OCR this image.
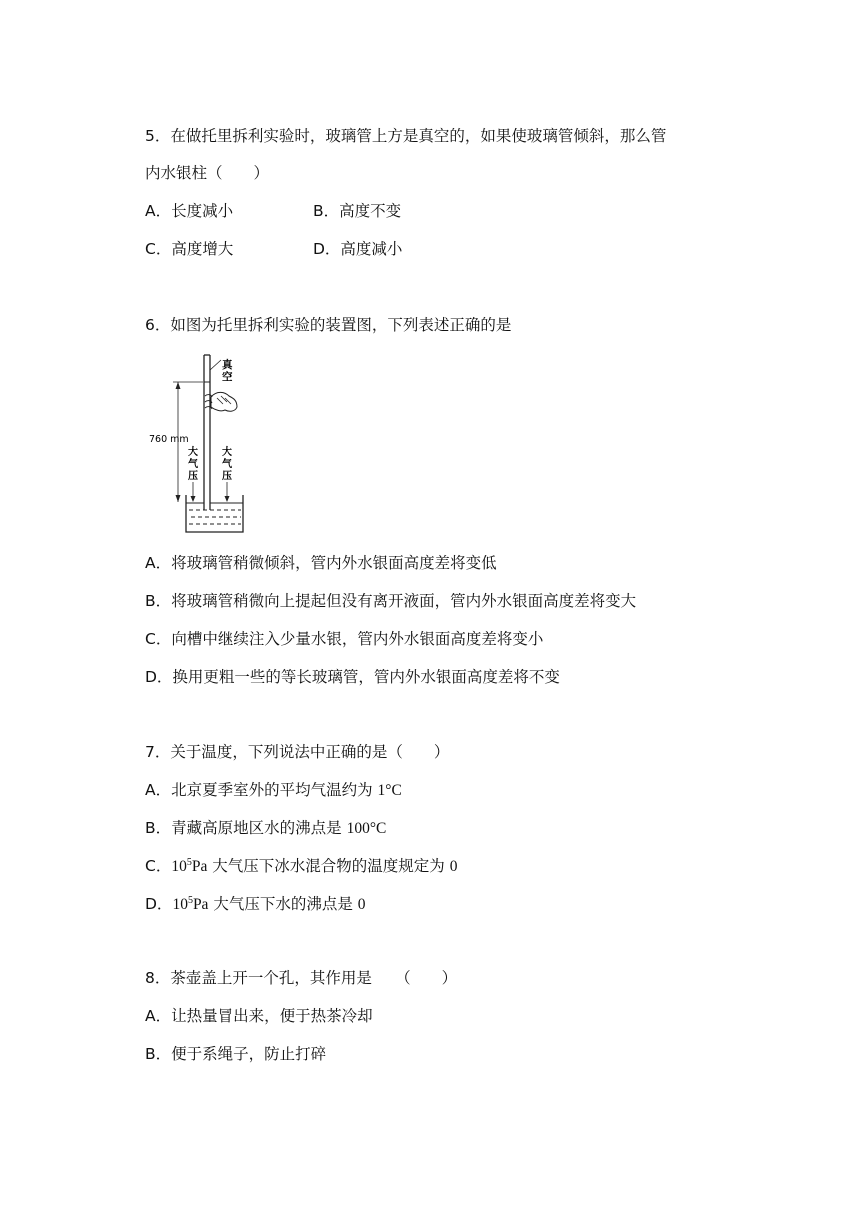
5．在做托里拆利实验时，玻璃管上方是真空的，如果使玻璃管倾斜，那么管
内水银柱（　　）
A．长度减小	B．高度不变
C．高度增大	D．高度减小
6．如图为托里拆利实验的装置图，下列表述正确的是
真
空
760 mm
大
气
压
大
气
压
A．将玻璃管稍微倾斜，管内外水银面高度差将变低
B．将玻璃管稍微向上提起但没有离开液面，管内外水银面高度差将变大
C．向槽中继续注入少量水银，管内外水银面高度差将变小
D．换用更粗一些的等长玻璃管，管内外水银面高度差将不变
7．关于温度，下列说法中正确的是（　　）
A．北京夏季室外的平均气温约为 1°C
B．青藏高原地区水的沸点是 100°C
C．$10^5Pa$ 大气压下冰水混合物的温度规定为 0
D．$10^5Pa$ 大气压下水的沸点是 0
8．茶壶盖上开一个孔，其作用是　　（　　）
A．让热量冒出来，便于热茶冷却
B．便于系绳子，防止打碎
